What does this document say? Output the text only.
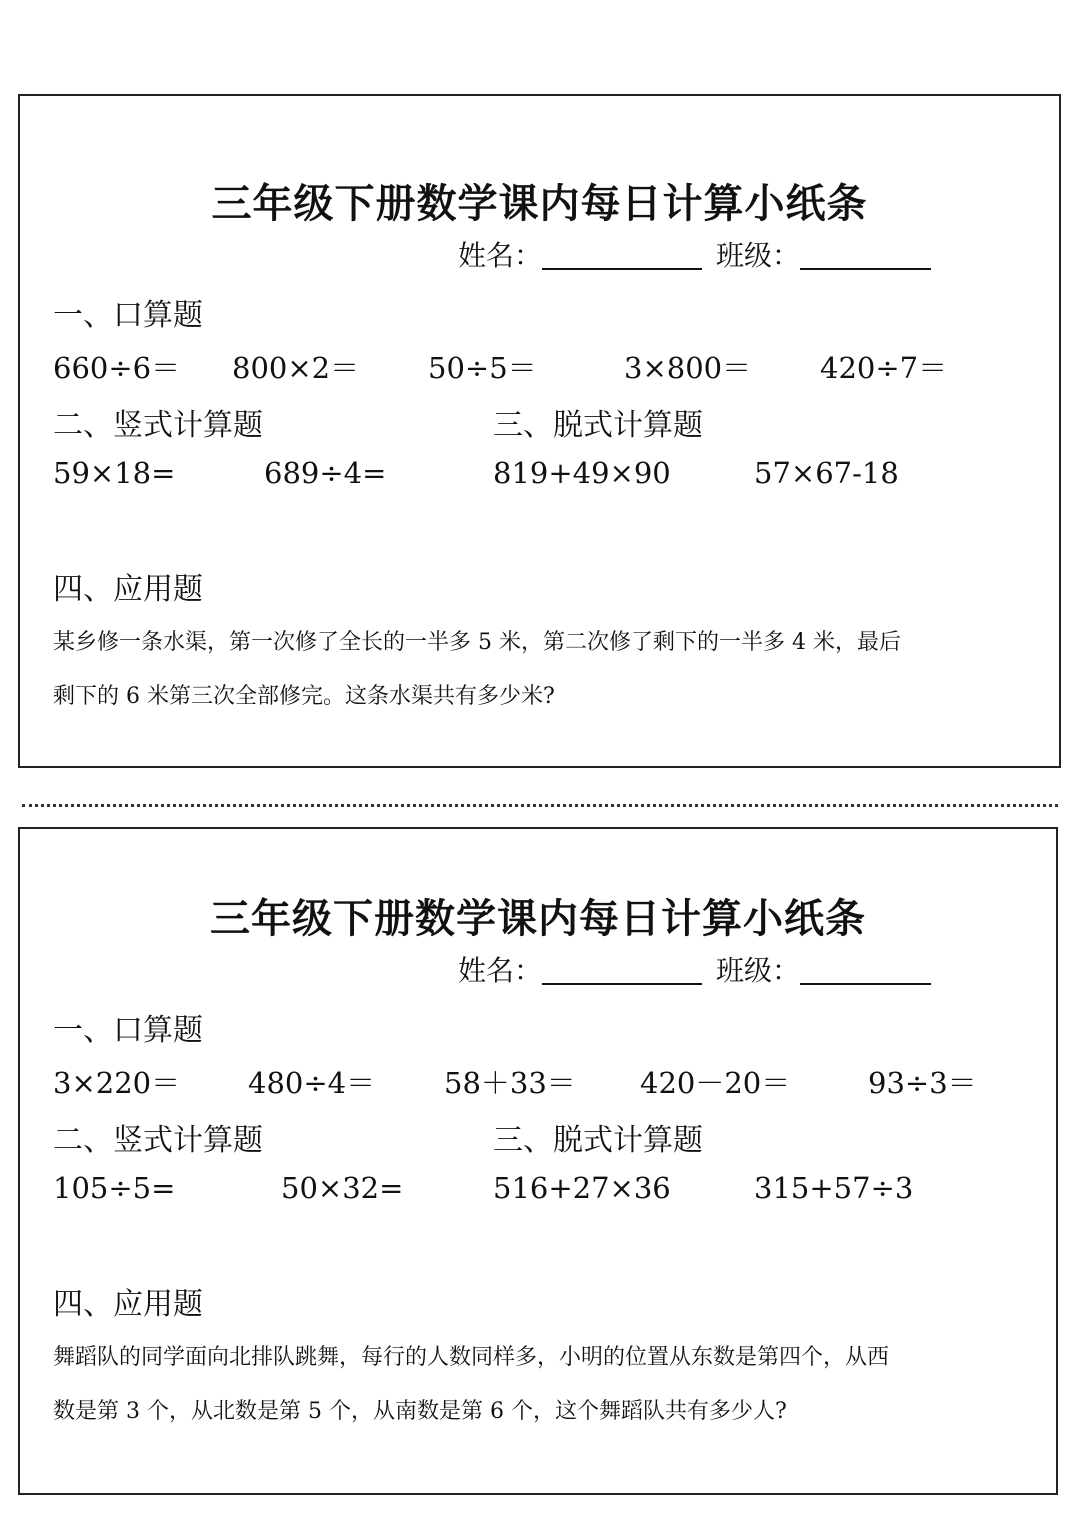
三年级下册数学课内每日计算小纸条
姓名：	班级：
一、口算题
660÷6＝ 800×2＝ 50÷5＝	3×800＝ 420÷7＝
二、竖式计算题	三、脱式计算题
59×18=	689÷4=	819+49×90	57×67-18
四、应用题
某乡修一条水渠，第一次修了全长的一半多 5 米，第二次修了剩下的一半多 4 米，最后
剩下的 6 米第三次全部修完。这条水渠共有多少米?
三年级下册数学课内每日计算小纸条
姓名：	班级：
一、口算题
3×220＝ 480÷4＝ 58＋33＝ 420－20＝	93÷3＝
二、竖式计算题	三、脱式计算题
105÷5=	50×32=	516+27×36	315+57÷3
四、应用题
舞蹈队的同学面向北排队跳舞，每行的人数同样多，小明的位置从东数是第四个，从西
数是第 3 个，从北数是第 5 个，从南数是第 6 个，这个舞蹈队共有多少人?
